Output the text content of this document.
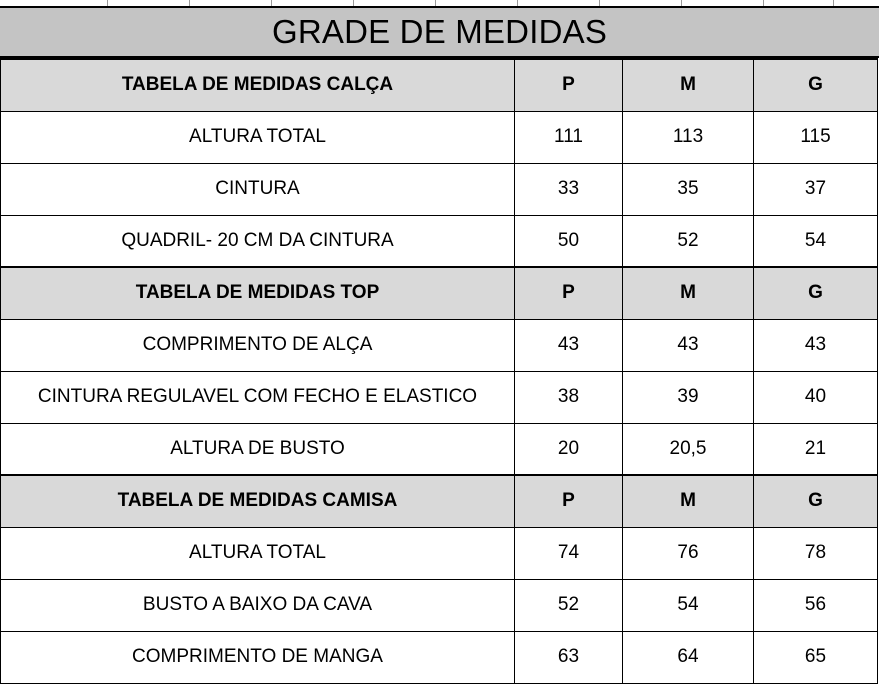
GRADE DE MEDIDAS
TABELA DE MEDIDAS CALÇA	P	M	G
ALTURA TOTAL	111	113	115
CINTURA	33	35	37
QUADRIL- 20 CM DA CINTURA	50	52	54
TABELA DE MEDIDAS TOP	P	M	G
COMPRIMENTO DE ALÇA	43	43	43
CINTURA REGULAVEL COM FECHO E ELASTICO	38	39	40
ALTURA DE BUSTO	20	20,5	21
TABELA DE MEDIDAS CAMISA	P	M	G
ALTURA TOTAL	74	76	78
BUSTO A BAIXO DA CAVA	52	54	56
COMPRIMENTO DE MANGA	63	64	65
